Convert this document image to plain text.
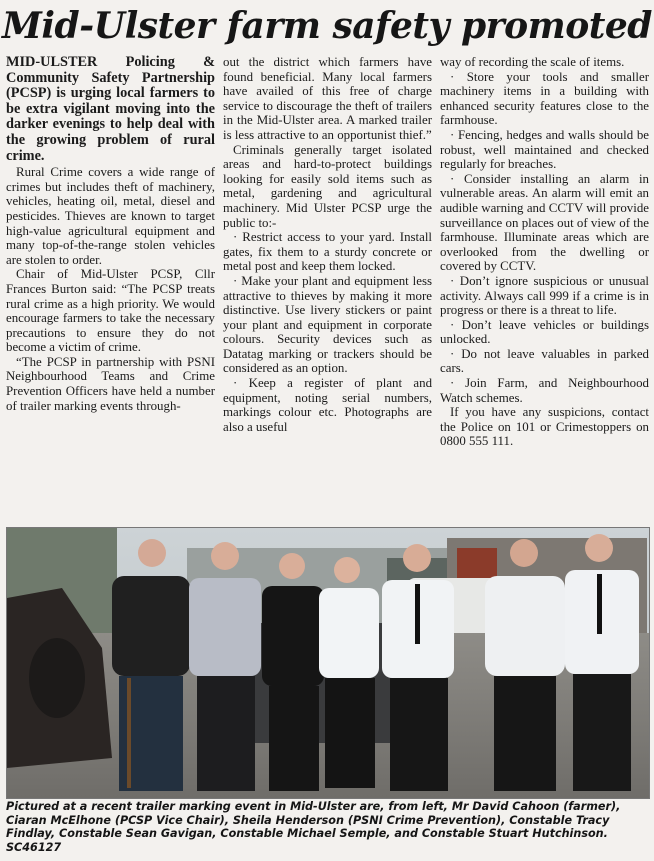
Mid-Ulster farm safety promoted

MID-ULSTER Policing & Community Safety Partnership (PCSP) is urging local farmers to be extra vigilant moving into the darker evenings to help deal with the growing problem of rural crime.

Rural Crime covers a wide range of crimes but includes theft of machinery, vehicles, heating oil, metal, diesel and pesticides. Thieves are known to target high-value agricultural equipment and many top-of-the-range stolen vehicles are stolen to order.

Chair of Mid-Ulster PCSP, Cllr Frances Burton said: “The PCSP treats rural crime as a high priority. We would encourage farmers to take the necessary precautions to ensure they do not become a victim of crime.

“The PCSP in partnership with PSNI Neighbourhood Teams and Crime Prevention Officers have held a number of trailer marking events through-

out the district which farmers have found beneficial. Many local farmers have availed of this free of charge service to discourage the theft of trailers in the Mid-Ulster area. A marked trailer is less attractive to an opportunist thief.”

Criminals generally target isolated areas and hard-to-protect buildings looking for easily sold items such as metal, gardening and agricultural machinery. Mid Ulster PCSP urge the public to:-

· Restrict access to your yard. Install gates, fix them to a sturdy concrete or metal post and keep them locked.

· Make your plant and equipment less attractive to thieves by making it more distinctive. Use livery stickers or paint your plant and equipment in corporate colours. Security devices such as Datatag marking or trackers should be considered as an option.

· Keep a register of plant and equipment, noting serial numbers, markings colour etc. Photographs are also a useful

way of recording the scale of items.

· Store your tools and smaller machinery items in a building with enhanced security features close to the farmhouse.

· Fencing, hedges and walls should be robust, well maintained and checked regularly for breaches.

· Consider installing an alarm in vulnerable areas. An alarm will emit an audible warning and CCTV will provide surveillance on places out of view of the farmhouse. Illuminate areas which are overlooked from the dwelling or covered by CCTV.

· Don’t ignore suspicious or unusual activity. Always call 999 if a crime is in progress or there is a threat to life.

· Don’t leave vehicles or buildings unlocked.

· Do not leave valuables in parked cars.

· Join Farm, and Neighbourhood Watch schemes.

If you have any suspicions, contact the Police on 101 or Crimestoppers on 0800 555 111.

Pictured at a recent trailer marking event in Mid-Ulster are, from left, Mr David Cahoon (farmer), Ciaran McElhone (PCSP Vice Chair), Sheila Henderson (PSNI Crime Prevention), Constable Tracy Findlay, Constable Sean Gavigan, Constable Michael Semple, and Constable Stuart Hutchinson. SC46127
